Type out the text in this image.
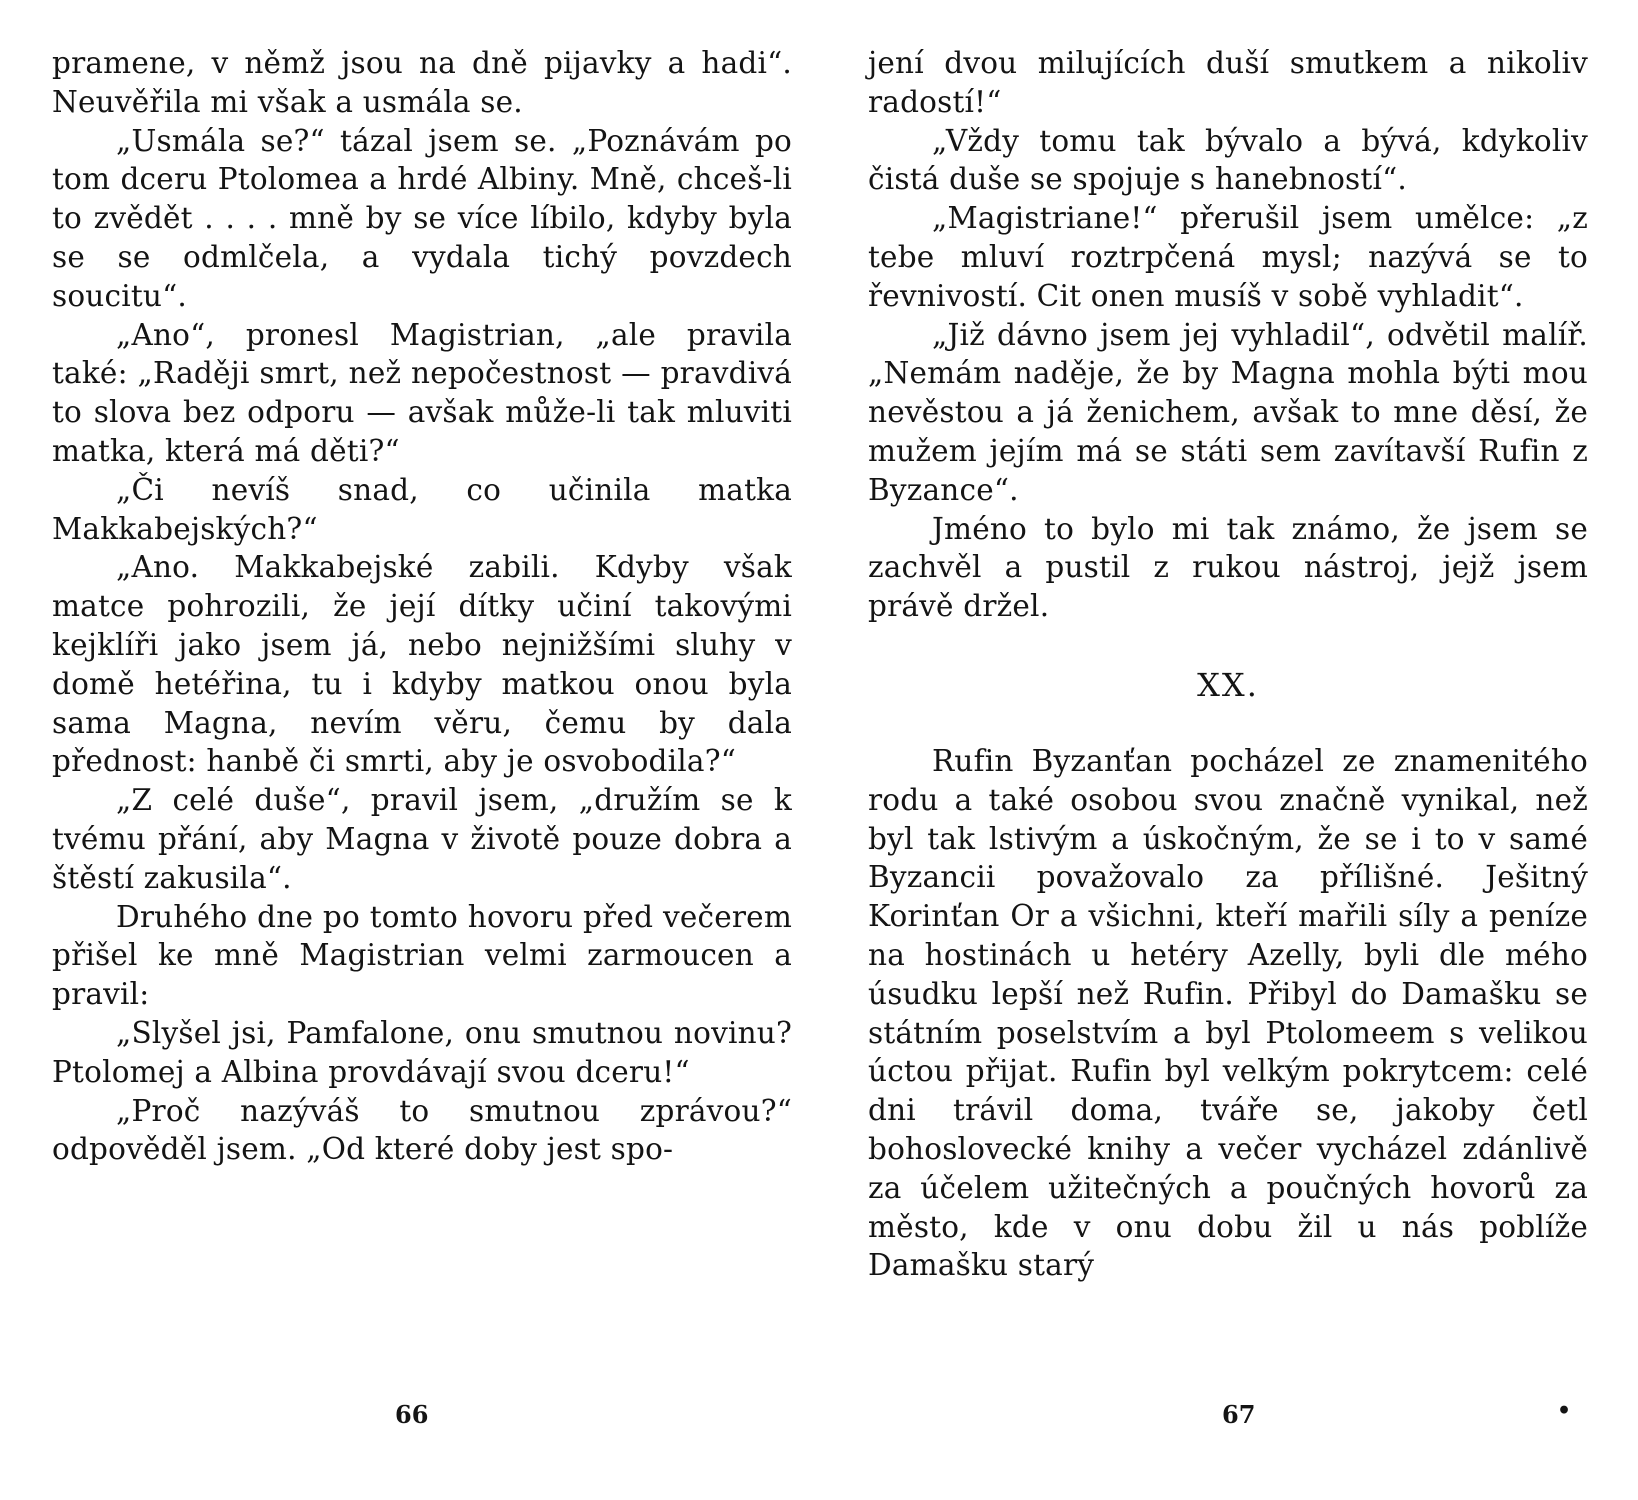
pramene, v němž jsou na dně pijavky a hadi“. Neuvěřila mi však a usmála se.

„Usmála se?“ tázal jsem se. „Poznávám po tom dceru Ptolomea a hrdé Albiny. Mně, chceš-li to zvědět . . . . mně by se více líbilo, kdyby byla se se odmlčela, a vydala tichý povzdech soucitu“.

„Ano“, pronesl Magistrian, „ale pravila také: „Raději smrt, než nepočestnost — pravdivá to slova bez odporu — avšak může-li tak mluviti matka, která má děti?“

„Či nevíš snad, co učinila matka Makkabejských?“

„Ano. Makkabejské zabili. Kdyby však matce pohrozili, že její dítky učiní takovými kejklíři jako jsem já, nebo nejnižšími sluhy v domě hetéřina, tu i kdyby matkou onou byla sama Magna, nevím věru, čemu by dala přednost: hanbě či smrti, aby je osvobodila?“

„Z celé duše“, pravil jsem, „družím se k tvému přání, aby Magna v životě pouze dobra a štěstí zakusila“.

Druhého dne po tomto hovoru před večerem přišel ke mně Magistrian velmi zarmoucen a pravil:

„Slyšel jsi, Pamfalone, onu smutnou novinu? Ptolomej a Albina provdávají svou dceru!“

„Proč nazýváš to smutnou zprávou?“ odpověděl jsem. „Od které doby jest spo-

jení dvou milujících duší smutkem a nikoliv radostí!“

„Vždy tomu tak bývalo a bývá, kdykoliv čistá duše se spojuje s hanebností“.

„Magistriane!“ přerušil jsem umělce: „z tebe mluví roztrpčená mysl; nazývá se to řevnivostí. Cit onen musíš v sobě vyhladit“.

„Již dávno jsem jej vyhladil“, odvětil malíř. „Nemám naděje, že by Magna mohla býti mou nevěstou a já ženichem, avšak to mne děsí, že mužem jejím má se státi sem zavítavší Rufin z Byzance“.

Jméno to bylo mi tak známo, že jsem se zachvěl a pustil z rukou nástroj, jejž jsem právě držel.

XX.

Rufin Byzanťan pocházel ze znamenitého rodu a také osobou svou značně vynikal, než byl tak lstivým a úskočným, že se i to v samé Byzancii považovalo za přílišné. Ješitný Korinťan Or a všichni, kteří mařili síly a peníze na hostinách u hetéry Azelly, byli dle mého úsudku lepší než Rufin. Přibyl do Damašku se státním poselstvím a byl Ptolomeem s velikou úctou přijat. Rufin byl velkým pokrytcem: celé dni trávil doma, tváře se, jakoby četl bohoslovecké knihy a večer vycházel zdánlivě za účelem užitečných a poučných hovorů za město, kde v onu dobu žil u nás poblíže Damašku starý

66	67	•
